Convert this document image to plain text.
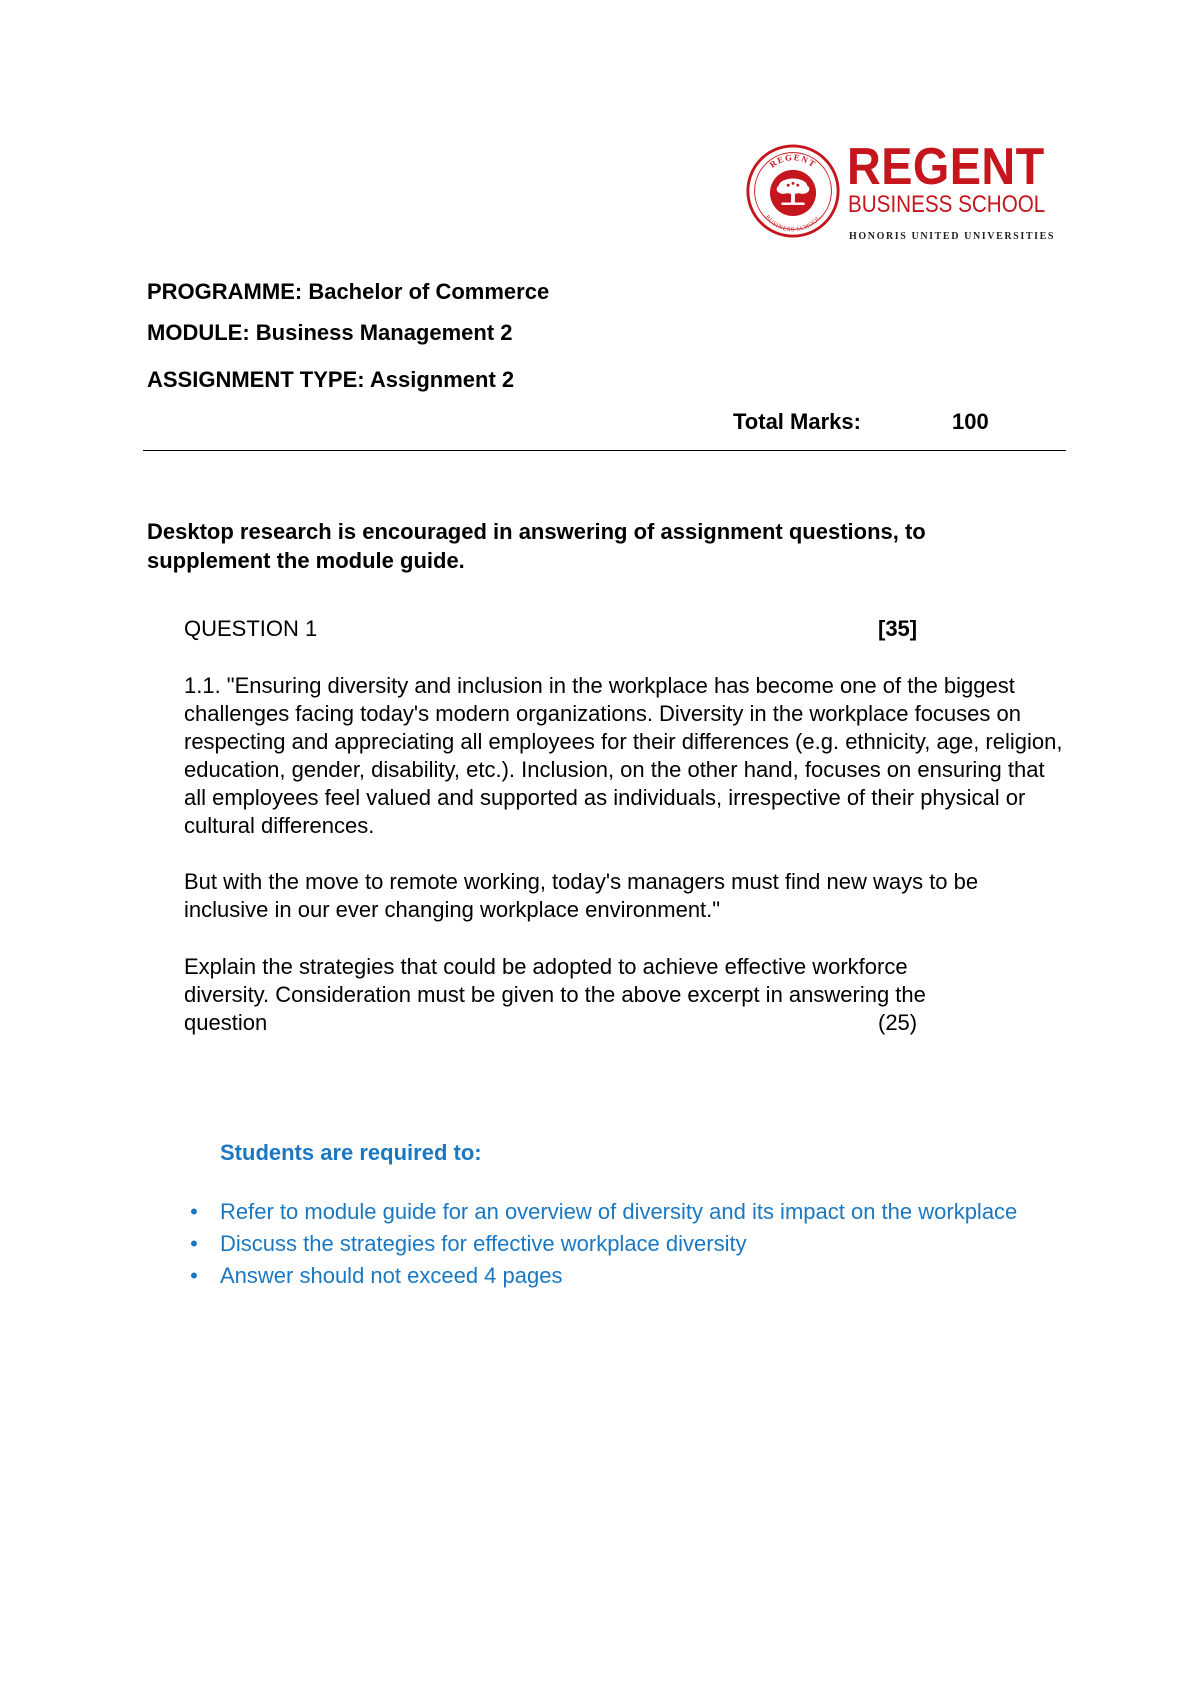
REGENT
BUSINESS SCHOOL
REGENT
BUSINESS SCHOOL
HONORIS UNITED UNIVERSITIES
PROGRAMME: Bachelor of Commerce
MODULE: Business Management 2
ASSIGNMENT TYPE: Assignment 2
Total Marks:	100
Desktop research is encouraged in answering of assignment questions, to supplement the module guide.
QUESTION 1	[35]
1.1. "Ensuring diversity and inclusion in the workplace has become one of the biggest challenges facing today's modern organizations. Diversity in the workplace focuses on respecting and appreciating all employees for their differences (e.g. ethnicity, age, religion, education, gender, disability, etc.). Inclusion, on the other hand, focuses on ensuring that all employees feel valued and supported as individuals, irrespective of their physical or cultural differences.
But with the move to remote working, today's managers must find new ways to be inclusive in our ever changing workplace environment."
Explain the strategies that could be adopted to achieve effective workforce
diversity. Consideration must be given to the above excerpt in answering the
question	(25)
Students are required to:
• Refer to module guide for an overview of diversity and its impact on the workplace
• Discuss the strategies for effective workplace diversity
• Answer should not exceed 4 pages
